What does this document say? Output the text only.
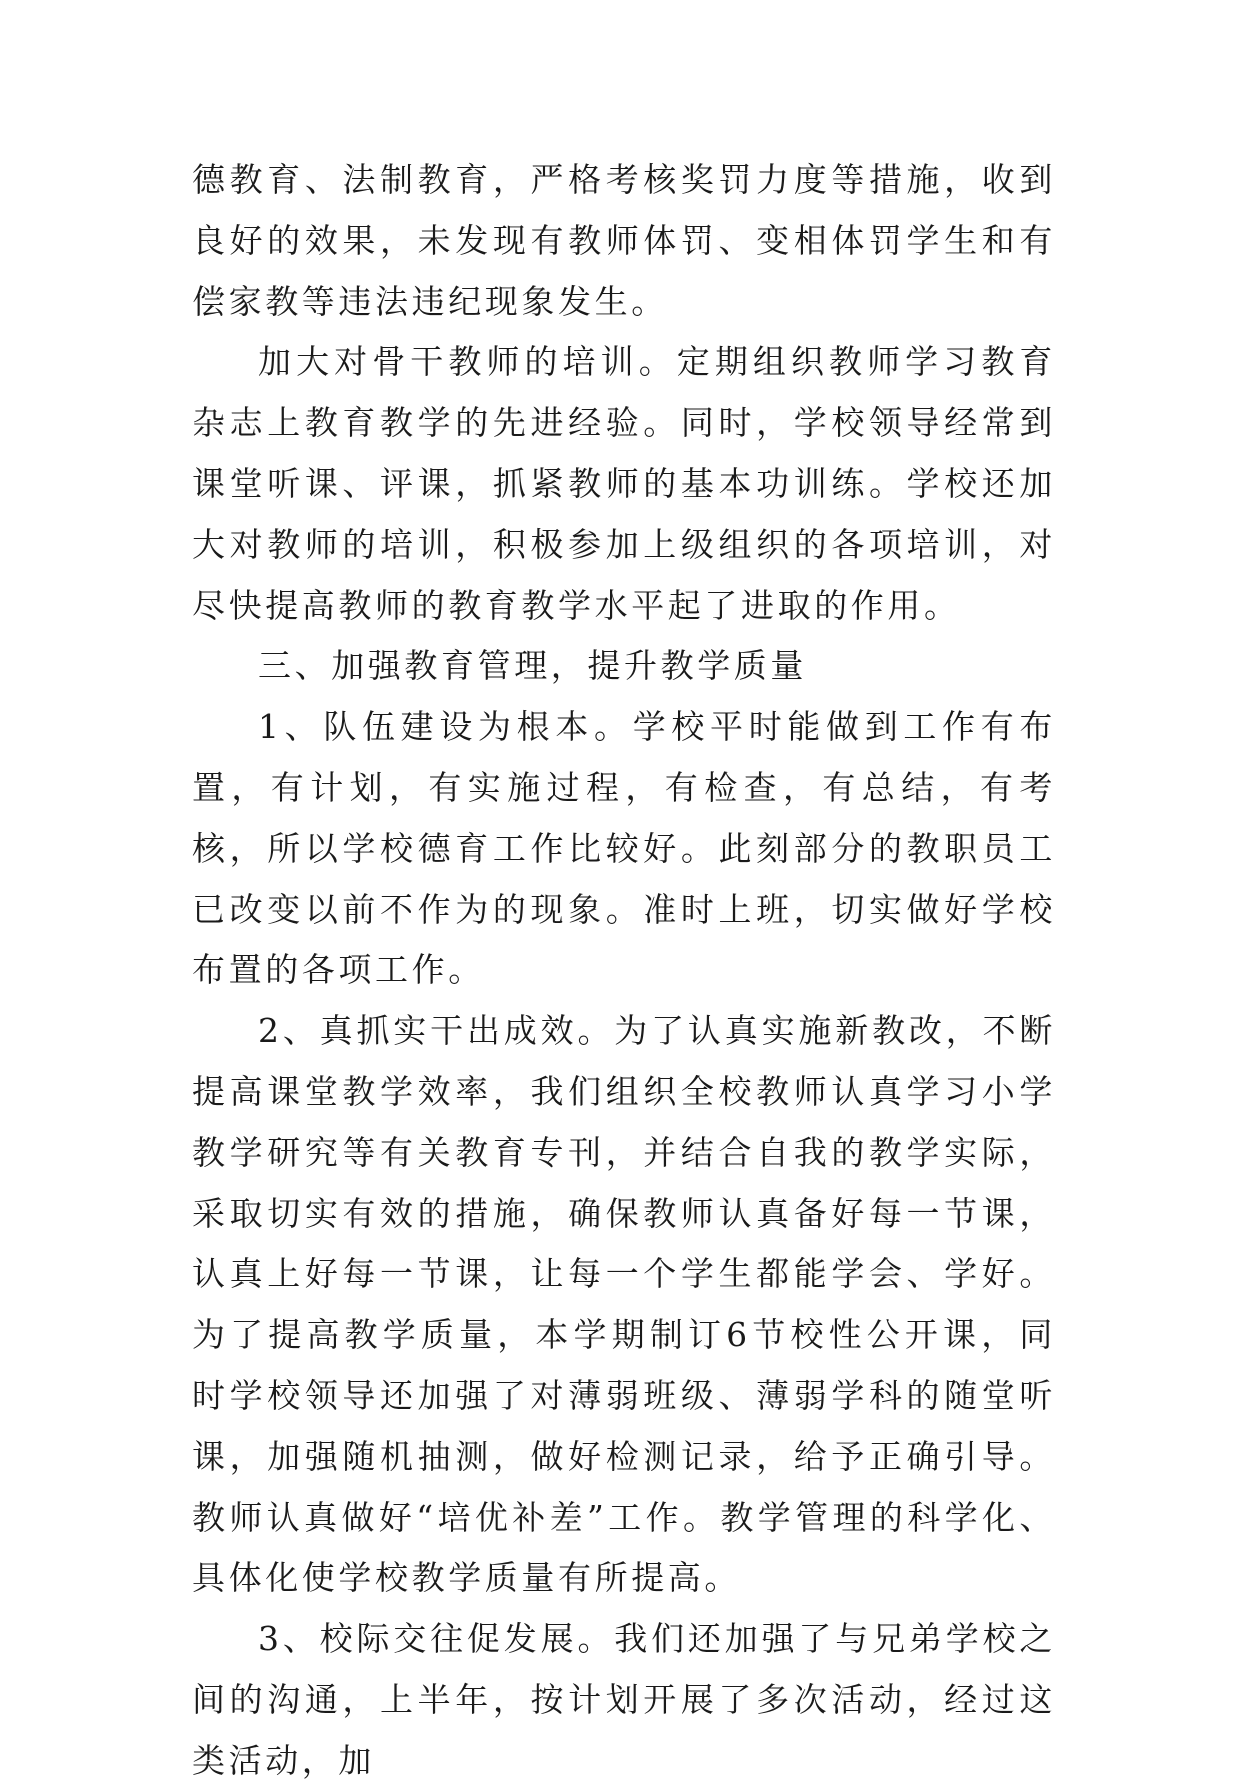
德教育、法制教育，严格考核奖罚力度等措施，收到良好的效果，未发现有教师体罚、变相体罚学生和有偿家教等违法违纪现象发生。

加大对骨干教师的培训。定期组织教师学习教育杂志上教育教学的先进经验。同时，学校领导经常到课堂听课、评课，抓紧教师的基本功训练。学校还加大对教师的培训，积极参加上级组织的各项培训，对尽快提高教师的教育教学水平起了进取的作用。

三、加强教育管理，提升教学质量

1、队伍建设为根本。学校平时能做到工作有布置，有计划，有实施过程，有检查，有总结，有考核，所以学校德育工作比较好。此刻部分的教职员工已改变以前不作为的现象。准时上班，切实做好学校布置的各项工作。

2、真抓实干出成效。为了认真实施新教改，不断提高课堂教学效率，我们组织全校教师认真学习小学教学研究等有关教育专刊，并结合自我的教学实际，采取切实有效的措施，确保教师认真备好每一节课，认真上好每一节课，让每一个学生都能学会、学好。为了提高教学质量，本学期制订6节校性公开课，同时学校领导还加强了对薄弱班级、薄弱学科的随堂听课，加强随机抽测，做好检测记录，给予正确引导。教师认真做好“培优补差”工作。教学管理的科学化、具体化使学校教学质量有所提高。

3、校际交往促发展。我们还加强了与兄弟学校之间的沟通，上半年，按计划开展了多次活动，经过这类活动，加
